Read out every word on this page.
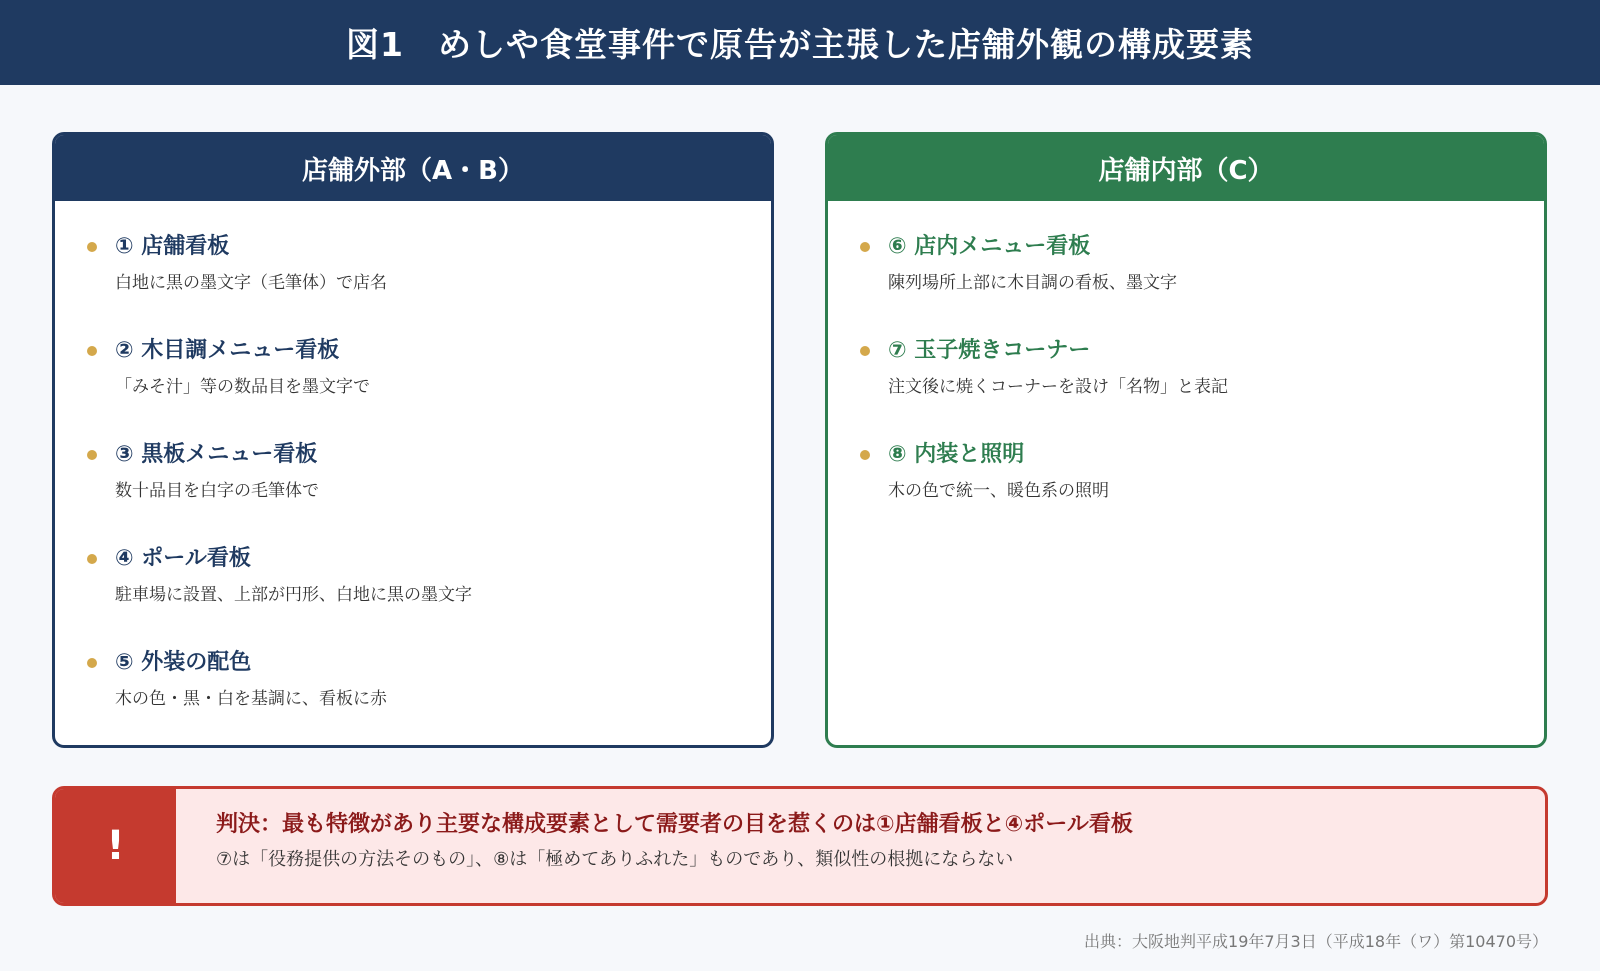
図1　めしや食堂事件で原告が主張した店舗外観の構成要素
店舗外部（A・B）
① 店舗看板
白地に黒の墨文字（毛筆体）で店名
② 木目調メニュー看板
「みそ汁」等の数品目を墨文字で
③ 黒板メニュー看板
数十品目を白字の毛筆体で
④ ポール看板
駐車場に設置、上部が円形、白地に黒の墨文字
⑤ 外装の配色
木の色・黒・白を基調に、看板に赤
店舗内部（C）
⑥ 店内メニュー看板
陳列場所上部に木目調の看板、墨文字
⑦ 玉子焼きコーナー
注文後に焼くコーナーを設け「名物」と表記
⑧ 内装と照明
木の色で統一、暖色系の照明
!	判決：最も特徴があり主要な構成要素として需要者の目を惹くのは①店舗看板と④ポール看板
⑦は「役務提供の方法そのもの」、⑧は「極めてありふれた」ものであり、類似性の根拠にならない
出典：大阪地判平成19年7月3日（平成18年（ワ）第10470号）
